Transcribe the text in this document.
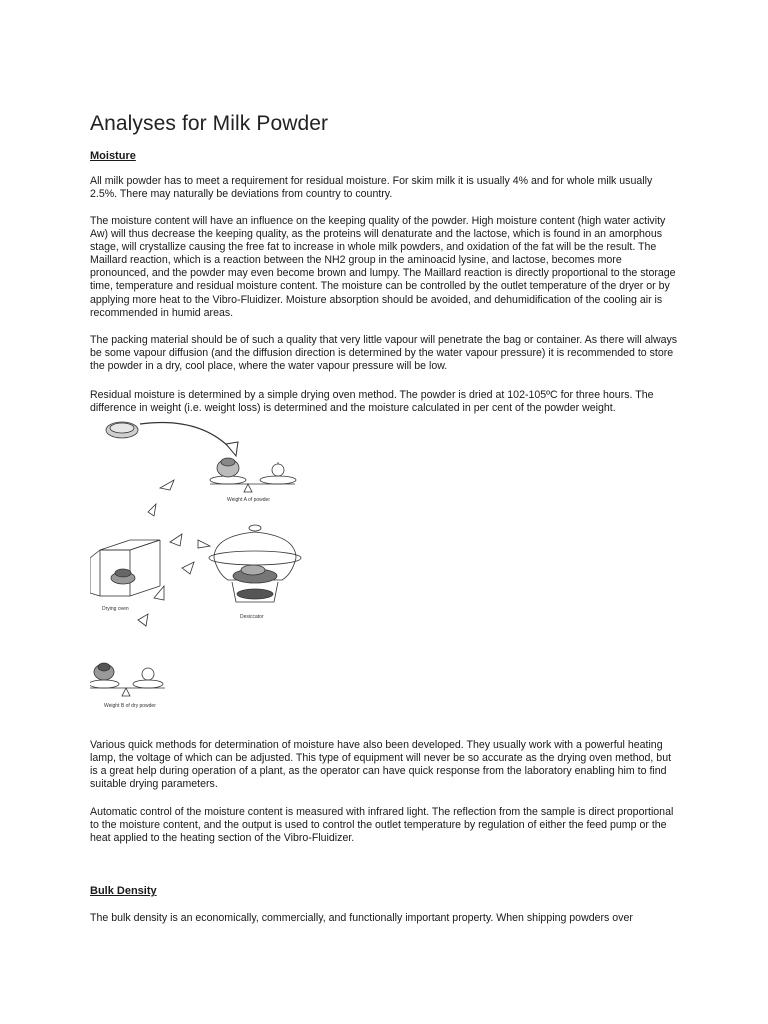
Analyses for Milk Powder
Moisture

All milk powder has to meet a requirement for residual moisture. For skim milk it is usually 4% and for whole milk usually 2.5%. There may naturally be deviations from country to country.

The moisture content will have an influence on the keeping quality of the powder. High moisture content (high water activity Aw) will thus decrease the keeping quality, as the proteins will denaturate and the lactose, which is found in an amorphous stage, will crystallize causing the free fat to increase in whole milk powders, and oxidation of the fat will be the result. The Maillard reaction, which is a reaction between the NH2 group in the aminoacid lysine, and lactose, becomes more pronounced, and the powder may even become brown and lumpy. The Maillard reaction is directly proportional to the storage time, temperature and residual moisture content. The moisture can be controlled by the outlet temperature of the dryer or by applying more heat to the Vibro-Fluidizer. Moisture absorption should be avoided, and dehumidification of the cooling air is recommended in humid areas.

The packing material should be of such a quality that very little vapour will penetrate the bag or container. As there will always be some vapour diffusion (and the diffusion direction is determined by the water vapour pressure) it is recommended to store the powder in a dry, cool place, where the water vapour pressure will be low.

Residual moisture is determined by a simple drying oven method. The powder is dried at 102-105ºC for three hours. The difference in weight (i.e. weight loss) is determined and the moisture calculated in per cent of the powder weight.

Weight A of powder
Drying oven
Desiccator
Weight B of dry powder

Various quick methods for determination of moisture have also been developed. They usually work with a powerful heating lamp, the voltage of which can be adjusted. This type of equipment will never be so accurate as the drying oven method, but is a great help during operation of a plant, as the operator can have quick response from the laboratory enabling him to find suitable drying parameters.

Automatic control of the moisture content is measured with infrared light. The reflection from the sample is direct proportional to the moisture content, and the output is used to control the outlet temperature by regulation of either the feed pump or the heat applied to the heating section of the Vibro-Fluidizer.

Bulk Density

The bulk density is an economically, commercially, and functionally important property. When shipping powders over
